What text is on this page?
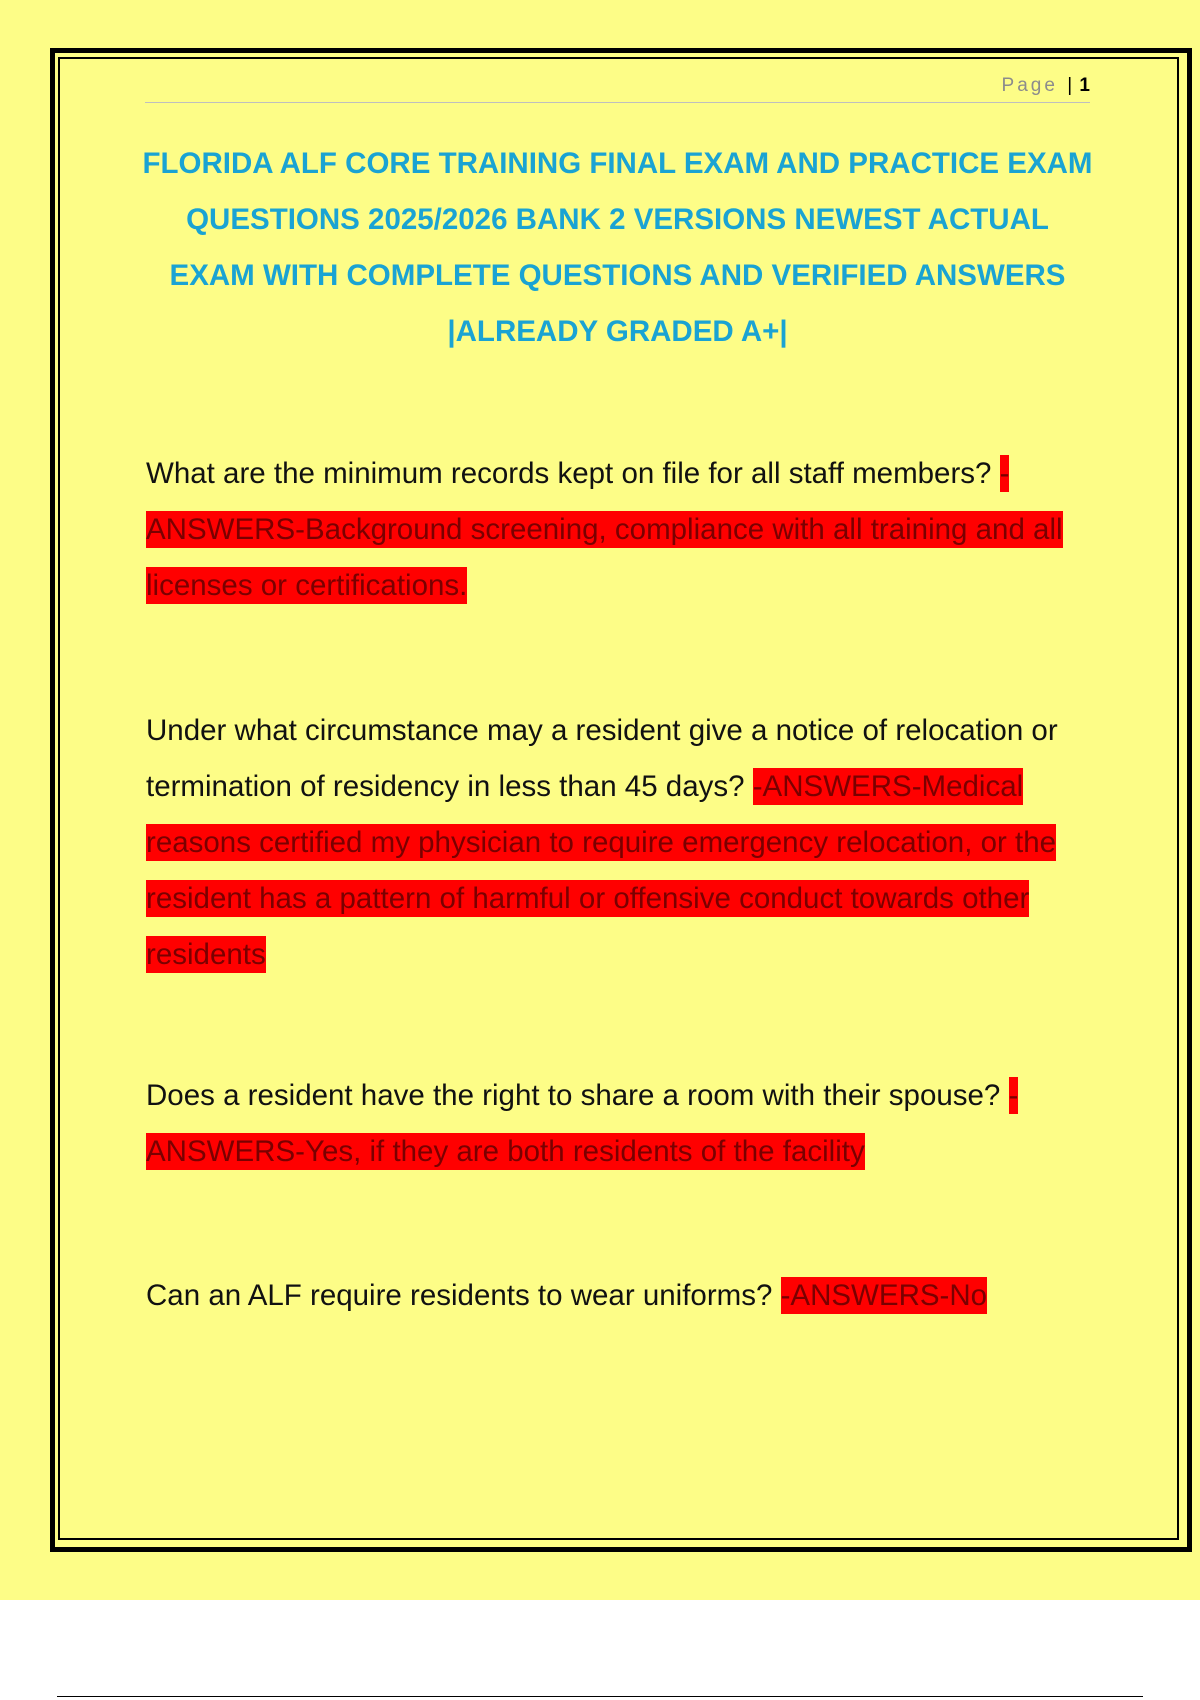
Page | 1
FLORIDA ALF CORE TRAINING FINAL EXAM AND PRACTICE EXAM QUESTIONS 2025/2026 BANK 2 VERSIONS NEWEST ACTUAL EXAM WITH COMPLETE QUESTIONS AND VERIFIED ANSWERS |ALREADY GRADED A+|

What are the minimum records kept on file for all staff members? -ANSWERS-Background screening, compliance with all training and all licenses or certifications.

Under what circumstance may a resident give a notice of relocation or termination of residency in less than 45 days? -ANSWERS-Medical reasons certified my physician to require emergency relocation, or the resident has a pattern of harmful or offensive conduct towards other residents

Does a resident have the right to share a room with their spouse? -ANSWERS-Yes, if they are both residents of the facility

Can an ALF require residents to wear uniforms? -ANSWERS-No
